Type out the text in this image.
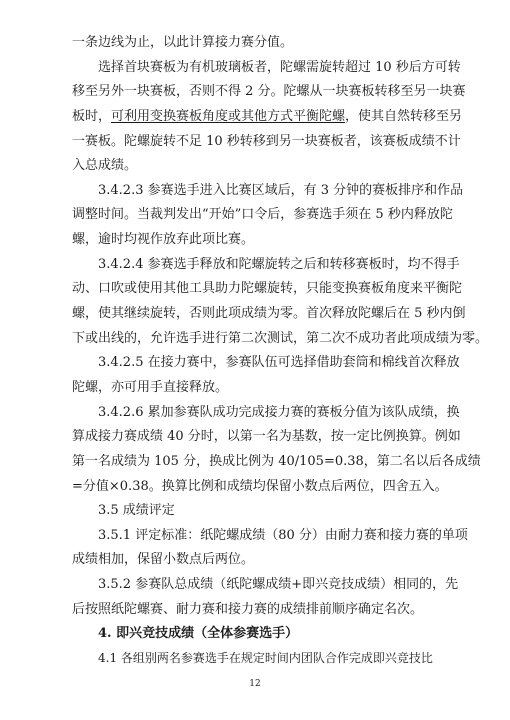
一条边线为止，以此计算接力赛分值。
选择首块赛板为有机玻璃板者，陀螺需旋转超过 10 秒后方可转
移至另外一块赛板，否则不得 2 分。陀螺从一块赛板转移至另一块赛
板时，可利用变换赛板角度或其他方式平衡陀螺，使其自然转移至另
一赛板。陀螺旋转不足 10 秒转移到另一块赛板者，该赛板成绩不计
入总成绩。
3.4.2.3 参赛选手进入比赛区域后，有 3 分钟的赛板排序和作品
调整时间。当裁判发出“开始”口令后，参赛选手须在 5 秒内释放陀
螺，逾时均视作放弃此项比赛。
3.4.2.4 参赛选手释放和陀螺旋转之后和转移赛板时，均不得手
动、口吹或使用其他工具助力陀螺旋转，只能变换赛板角度来平衡陀
螺，使其继续旋转，否则此项成绩为零。首次释放陀螺后在 5 秒内倒
下或出线的，允许选手进行第二次测试，第二次不成功者此项成绩为零。
3.4.2.5 在接力赛中，参赛队伍可选择借助套筒和棉线首次释放
陀螺，亦可用手直接释放。
3.4.2.6 累加参赛队成功完成接力赛的赛板分值为该队成绩，换
算成接力赛成绩 40 分时，以第一名为基数，按一定比例换算。例如
第一名成绩为 105 分，换成比例为 40/105=0.38，第二名以后各成绩
=分值×0.38。换算比例和成绩均保留小数点后两位，四舍五入。
3.5 成绩评定
3.5.1 评定标准：纸陀螺成绩（80 分）由耐力赛和接力赛的单项
成绩相加，保留小数点后两位。
3.5.2 参赛队总成绩（纸陀螺成绩+即兴竞技成绩）相同的，先
后按照纸陀螺赛、耐力赛和接力赛的成绩排前顺序确定名次。
12
4. 即兴竞技成绩（全体参赛选手）
4.1 各组别两名参赛选手在规定时间内团队合作完成即兴竞技比
